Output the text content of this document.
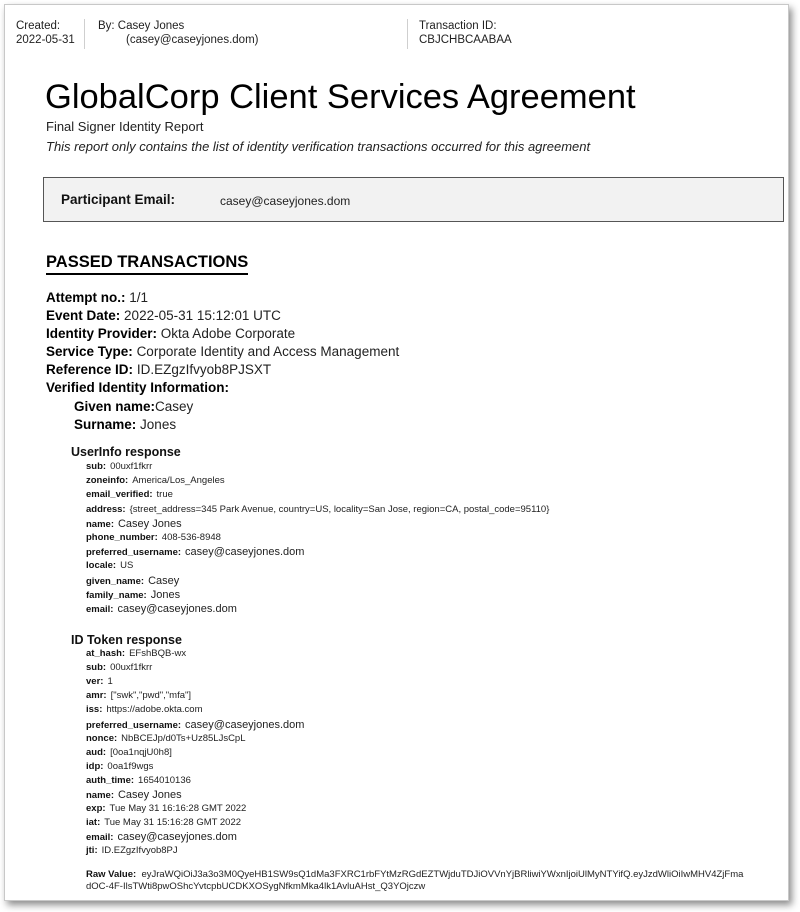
Created:
2022-05-31
By: Casey Jones
(casey@caseyjones.dom)
Transaction ID:
CBJCHBCAABAA
GlobalCorp Client Services Agreement
Final Signer Identity Report
This report only contains the list of identity verification transactions occurred for this agreement
Participant Email:	casey@caseyjones.dom
PASSED TRANSACTIONS
Attempt no.: 1/1
Event Date: 2022-05-31 15:12:01 UTC
Identity Provider: Okta Adobe Corporate
Service Type: Corporate Identity and Access Management
Reference ID: ID.EZgzIfvyob8PJSXT
Verified Identity Information:
Given name:Casey
Surname: Jones
UserInfo response
sub: 00uxf1fkrr
zoneinfo: America/Los_Angeles
email_verified: true
address: {street_address=345 Park Avenue, country=US, locality=San Jose, region=CA, postal_code=95110}
name: Casey Jones
phone_number: 408-536-8948
preferred_username: casey@caseyjones.dom
locale: US
given_name: Casey
family_name: Jones
email: casey@caseyjones.dom
ID Token response
at_hash: EFshBQB-wx
sub: 00uxf1fkrr
ver: 1
amr: ["swk","pwd","mfa"]
iss: https://adobe.okta.com
preferred_username: casey@caseyjones.dom
nonce: NbBCEJp/d0Ts+Uz85LJsCpL
aud: [0oa1nqjU0h8]
idp: 0oa1f9wgs
auth_time: 1654010136
name: Casey Jones
exp: Tue May 31 16:16:28 GMT 2022
iat: Tue May 31 15:16:28 GMT 2022
email: casey@caseyjones.dom
jti: ID.EZgzIfvyob8PJ
Raw Value: eyJraWQiOiJ3a3o3M0QyeHB1SW9sQ1dMa3FXRC1rbFYtMzRGdEZTWjduTDJiOVVnYjBRliwiYWxnIjoiUlMyNTYifQ.eyJzdWliOiIwMHV4ZjFma
dOC-4F-IlsTWti8pwOShcYvtcpbUCDKXOSygNfkmMka4lk1AvluAHst_Q3YOjczw
